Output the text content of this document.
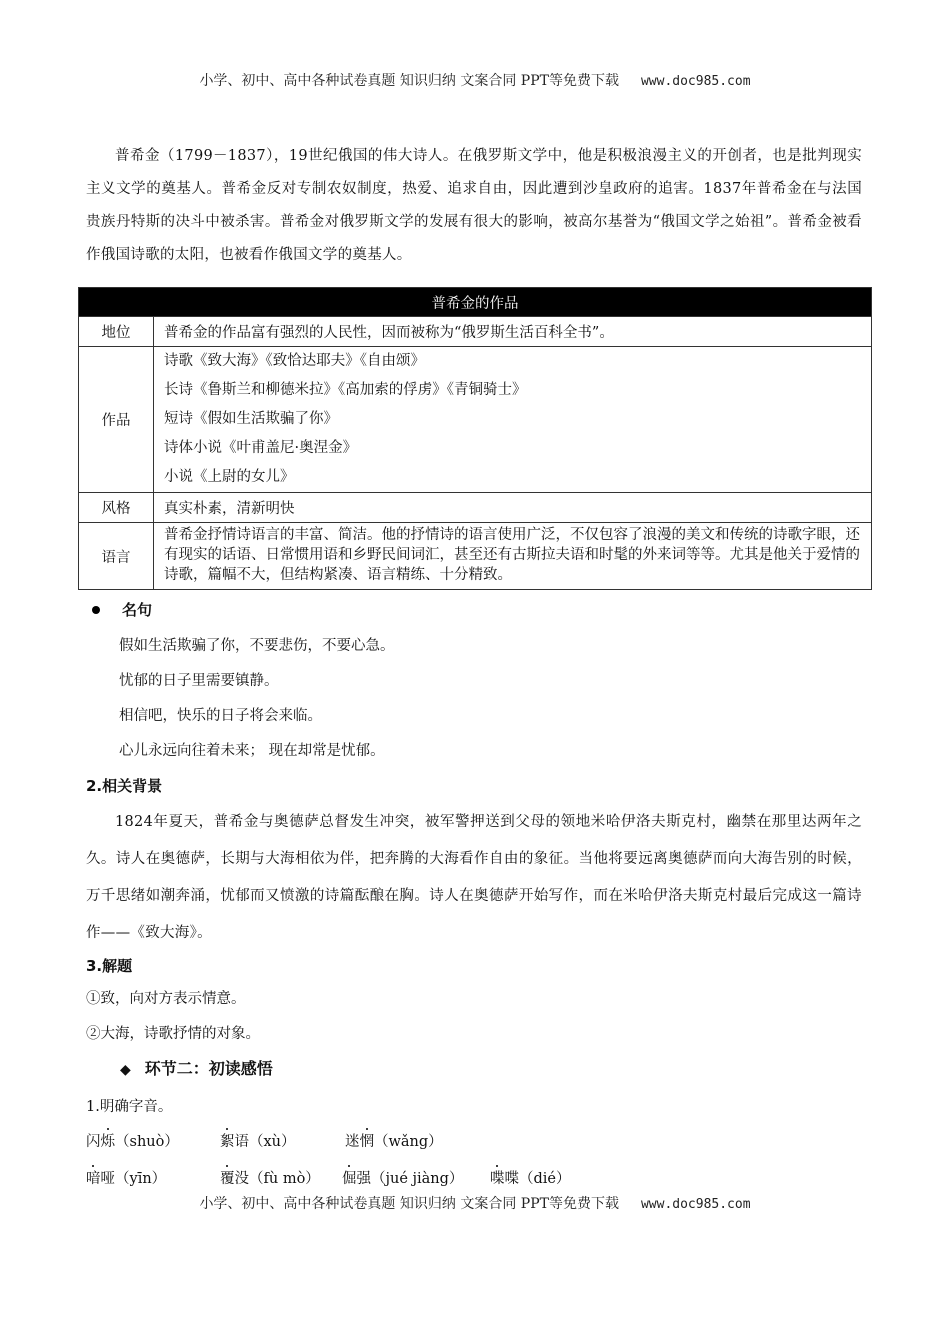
小学、初中、高中各种试卷真题 知识归纳 文案合同 PPT等免费下载 www.doc985.com

普希金（1799－1837），19世纪俄国的伟大诗人。在俄罗斯文学中，他是积极浪漫主义的开创者，也是批判现实主义文学的奠基人。普希金反对专制农奴制度，热爱、追求自由，因此遭到沙皇政府的追害。1837年普希金在与法国贵族丹特斯的决斗中被杀害。普希金对俄罗斯文学的发展有很大的影响，被高尔基誉为“俄国文学之始祖”。普希金被看作俄国诗歌的太阳，也被看作俄国文学的奠基人。

普希金的作品	
地位	普希金的作品富有强烈的人民性，因而被称为“俄罗斯生活百科全书”。
作品	诗歌《致大海》《致恰达耶夫》《自由颂》
长诗《鲁斯兰和柳德米拉》《高加索的俘虏》《青铜骑士》
短诗《假如生活欺骗了你》
诗体小说《叶甫盖尼·奥涅金》
小说《上尉的女儿》

风格	真实朴素，清新明快
语言	普希金抒情诗语言的丰富、简洁。他的抒情诗的语言使用广泛，不仅包容了浪漫的美文和传统的诗歌字眼，还有现实的话语、日常惯用语和乡野民间词汇，甚至还有古斯拉夫语和时髦的外来词等等。尤其是他关于爱情的诗歌，篇幅不大，但结构紧凑、语言精练、十分精致。
名句
假如生活欺骗了你，不要悲伤，不要心急。
忧郁的日子里需要镇静。
相信吧，快乐的日子将会来临。
心儿永远向往着未来； 现在却常是忧郁。
2.相关背景

1824年夏天，普希金与奥德萨总督发生冲突，被军警押送到父母的领地米哈伊洛夫斯克村，幽禁在那里达两年之久。诗人在奥德萨，长期与大海相依为伴，把奔腾的大海看作自由的象征。当他将要远离奥德萨而向大海告别的时候，万千思绪如潮奔涌，忧郁而又愤激的诗篇酝酿在胸。诗人在奥德萨开始写作，而在米哈伊洛夫斯克村最后完成这一篇诗作——《致大海》。

3.解题
①致，向对方表示情意。
②大海，诗歌抒情的对象。
◆ 环节二：初读感悟
1.明确字音。
闪烁（shuò）	絮语（xù）	迷惘（wǎng）
喑哑（yīn）	覆没（fù mò） 倔强（jué jiàng） 喋喋（dié）
小学、初中、高中各种试卷真题 知识归纳 文案合同 PPT等免费下载 www.doc985.com
